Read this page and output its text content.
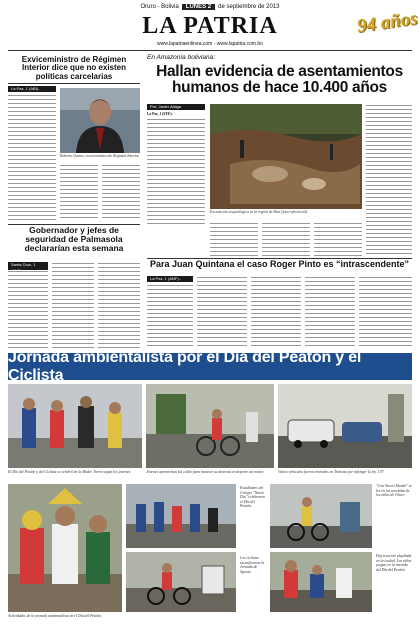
Oruro - Bolivia	LUNES 2	de septiembre de 2013
LA PATRIA
www.lapatriaenlinea.com - www.lapatria.com.bo
94 años
Exviceministro de Régimen Interior dice que no existen políticas carcelarias
La Paz, 1 (ABI).-
Roberto Quiroz, exviceministro de Régimen Interior.
En Amazonía boliviana:
Hallan evidencia de asentamientos humanos de hace 10.400 años
Por: Javier Aliaga
La Paz, 1 (EFE).-
Excavación arqueológica en la región de Beni (foto referencial).
Gobernador y jefes de seguridad de Palmasola declararían esta semana
Santa Cruz, 1	Para Juan Quintana el caso Roger Pinto es “intrascendente”
La Paz, 1 (ANF).-
Jornada ambientalista por el Día del Peatón y el Ciclista
El Día del Peatón y del Ciclista se celebró en la Madre Tierra según los jóvenes.	Jóvenes aprovechan las calles para mostrar su destreza en deporte sin motor.	Varios vehículos fueron retenidos en Tránsito por infringir la ley 1.97.
Actividades de la jornada ambientalista en el Día del Peatón.
Estudiantes del Colegio "Nuevo Día" celebraron el Día del Peatón.
"Con Nuevo Mundo" se lee en las mochilas de los niños de Oruro.
Los ciclistas escenificaron la Jornada de Agosto.
Hay tracción alquilada en la ciudad. Los niños juegan en la avenida del Día del Peatón.
